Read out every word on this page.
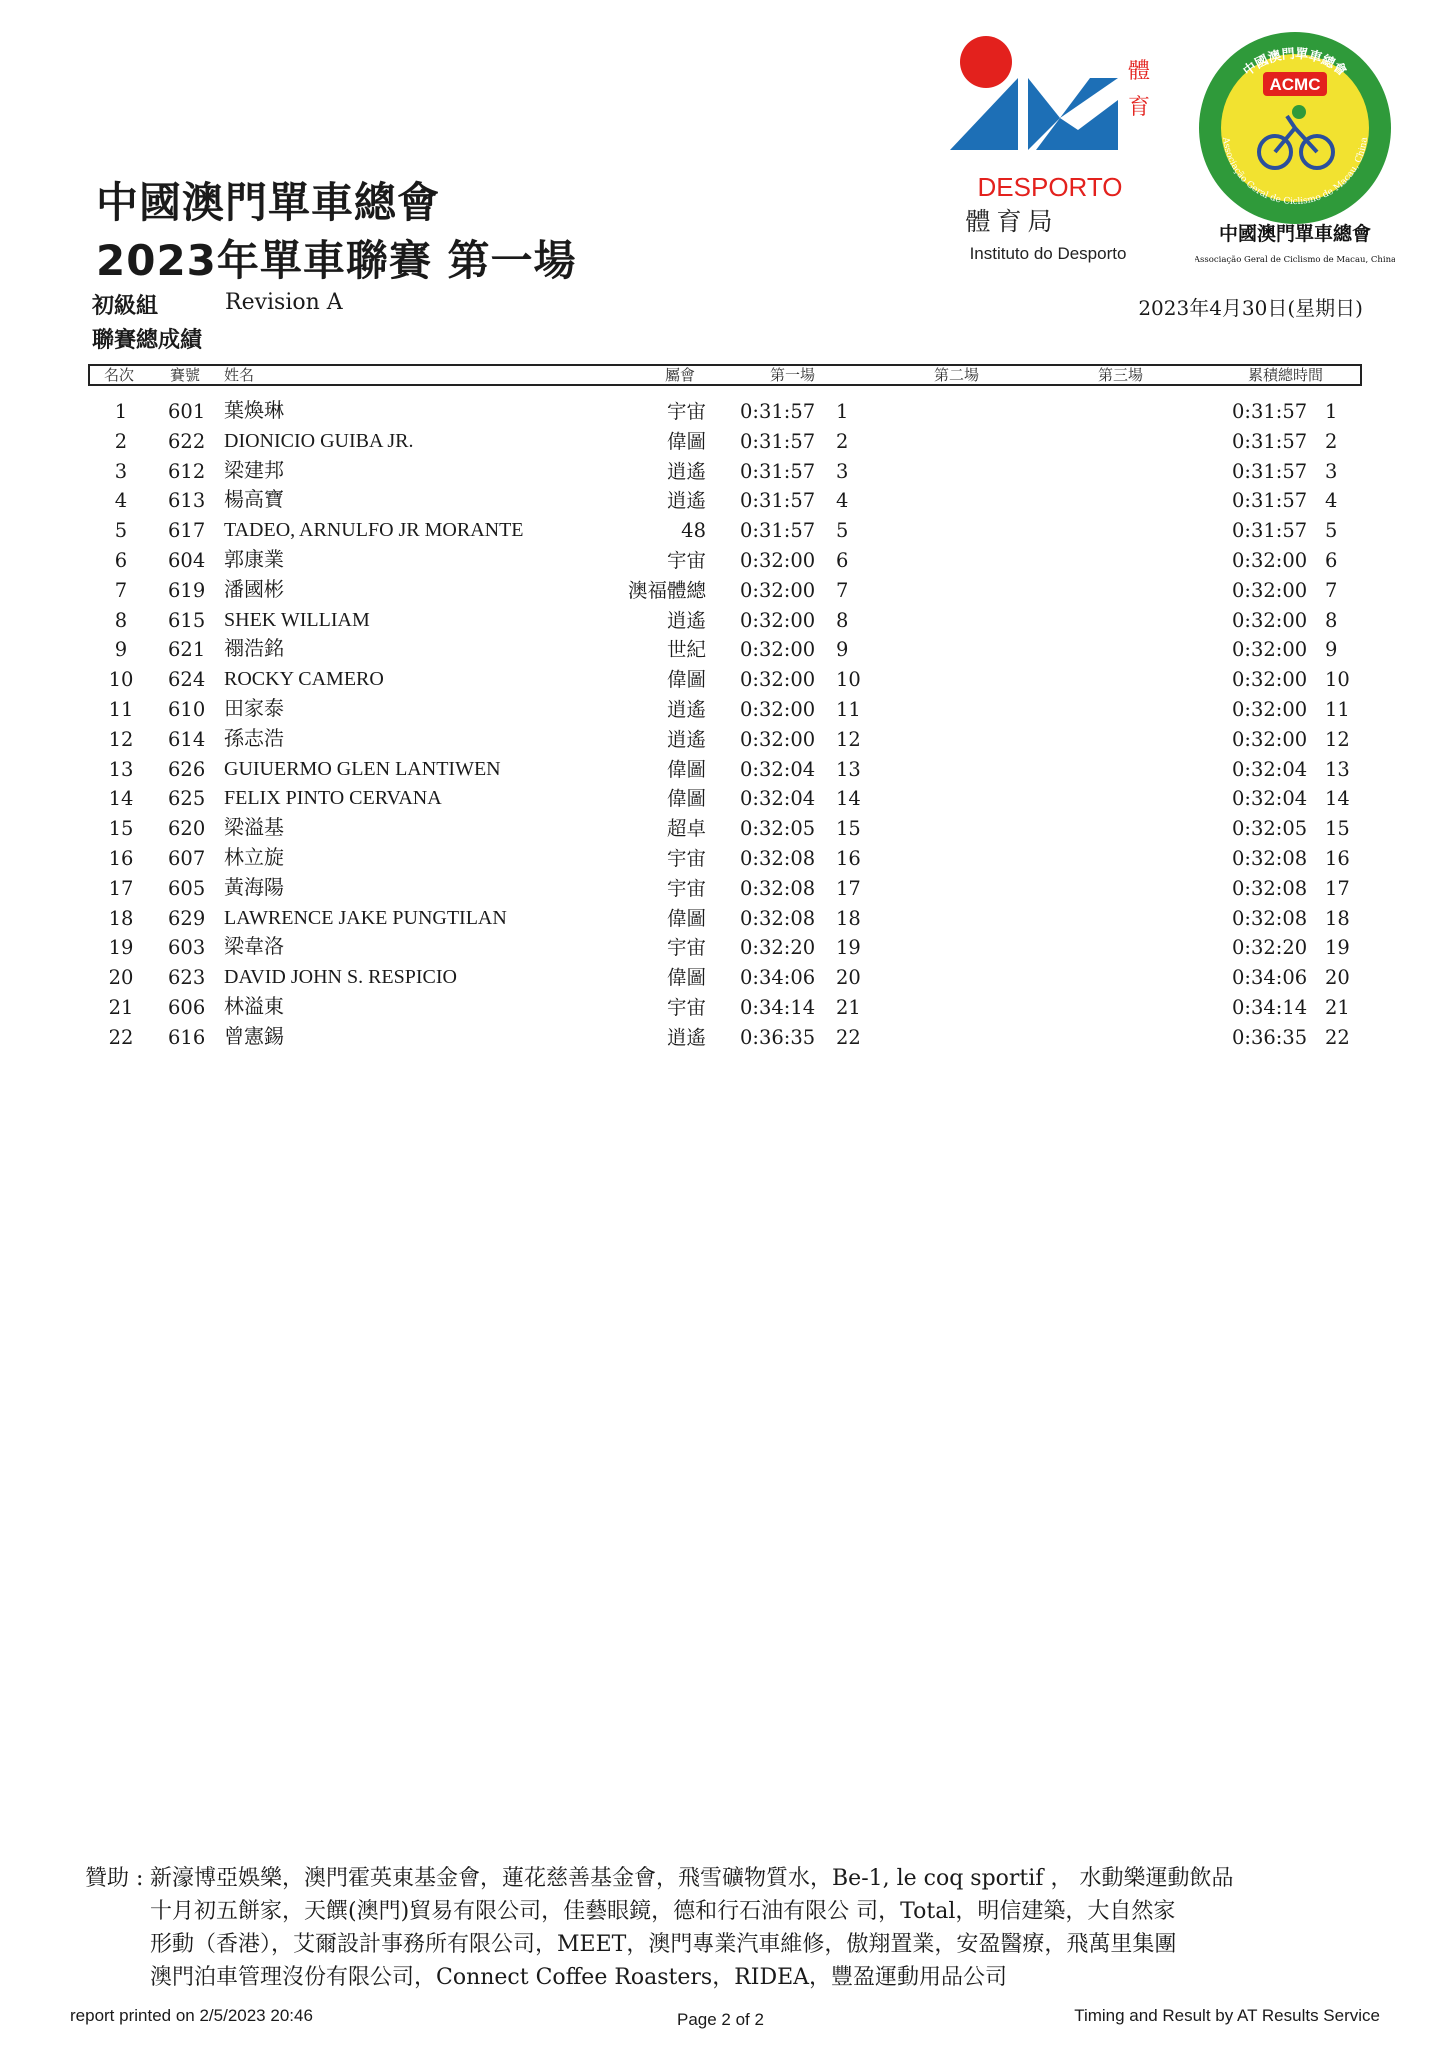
中國澳門單車總會
2023年單車聯賽 第一場
初級組	Revision A	2023年4月30日(星期日)
聯賽總成績
體
育
DESPORTO
體育局
Instituto do Desporto
中國澳門單車總會
Associação Geral de Ciclismo de Macau, China
ACMC
中國澳門單車總會
Associação Geral de Ciclismo de Macau, China
名次 賽號 姓名	屬會	第一場	第二場	第三場	累積總時間
1	601 葉煥琳	宇宙 0:31:57 1	0:31:57 1
2	622 DIONICIO GUIBA JR.	偉圖 0:31:57 2	0:31:57 2
3	612 梁建邦	逍遙 0:31:57 3	0:31:57 3
4	613 楊高寶	逍遙 0:31:57 4	0:31:57 4
5	617 TADEO, ARNULFO JR MORANTE	48 0:31:57 5	0:31:57 5
6	604 郭康業	宇宙 0:32:00 6	0:32:00 6
7	619 潘國彬	澳福體總 0:32:00 7	0:32:00 7
8	615 SHEK WILLIAM	逍遙 0:32:00 8	0:32:00 8
9	621 禤浩銘	世紀 0:32:00 9	0:32:00 9
10 624 ROCKY CAMERO	偉圖 0:32:00 10	0:32:00 10
11 610 田家泰	逍遙 0:32:00 11	0:32:00 11
12 614 孫志浩	逍遙 0:32:00 12	0:32:00 12
13 626 GUIUERMO GLEN LANTIWEN	偉圖 0:32:04 13	0:32:04 13
14 625 FELIX PINTO CERVANA	偉圖 0:32:04 14	0:32:04 14
15 620 梁溢基	超卓 0:32:05 15	0:32:05 15
16 607 林立旋	宇宙 0:32:08 16	0:32:08 16
17 605 黃海陽	宇宙 0:32:08 17	0:32:08 17
18 629 LAWRENCE JAKE PUNGTILAN	偉圖 0:32:08 18	0:32:08 18
19 603 梁韋洛	宇宙 0:32:20 19	0:32:20 19
20 623 DAVID JOHN S. RESPICIO	偉圖 0:34:06 20	0:34:06 20
21 606 林溢東	宇宙 0:34:14 21	0:34:14 21
22 616 曾憲錫	逍遙 0:36:35 22	0:36:35 22
贊助 : 新濠博亞娛樂，澳門霍英東基金會，蓮花慈善基金會，飛雪礦物質水，Be-1, le coq sportif ， 水動樂運動飲品
十月初五餅家，天饌(澳門)貿易有限公司，佳藝眼鏡，德和行石油有限公 司，Total，明信建築，大自然家
形動（香港），艾爾設計事務所有限公司，MEET，澳門專業汽車維修，傲翔置業，安盈醫療，飛萬里集團
澳門泊車管理沒份有限公司，Connect Coffee Roasters，RIDEA，豐盈運動用品公司
report printed on 2/5/2023 20:46	Page 2 of 2	Timing and Result by AT Results Service
